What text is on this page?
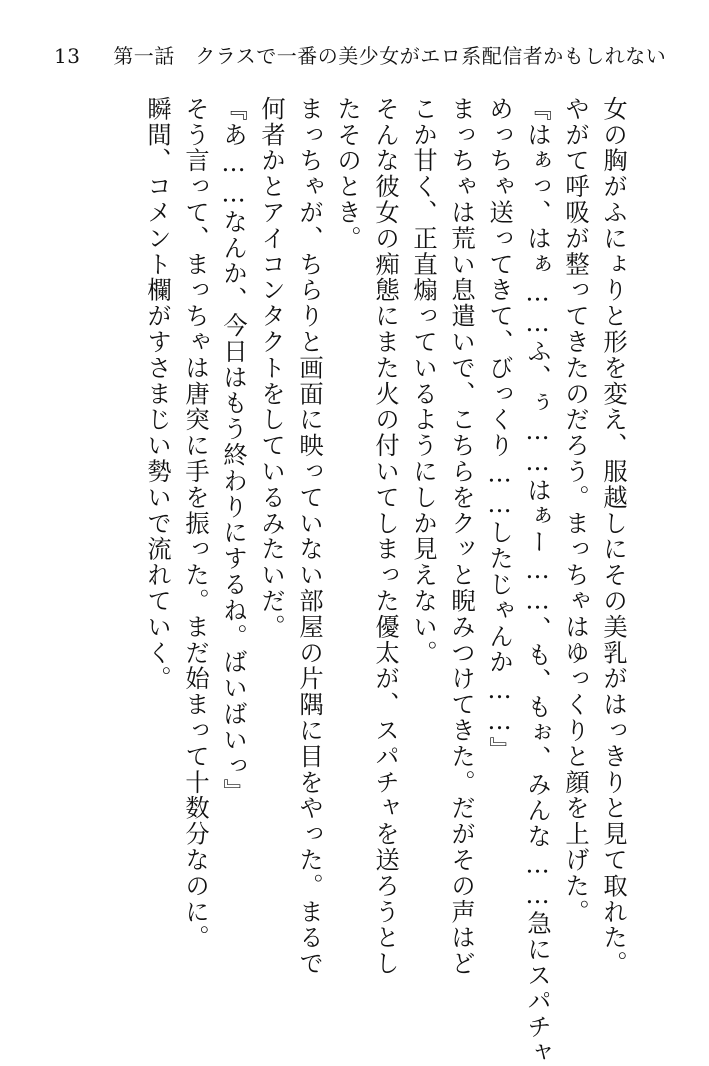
13 第一話　クラスで一番の美少女がエロ系配信者かもしれない

女の胸がふにょりと形を変え、服越しにその美乳がはっきりと見て取れた。

やがて呼吸が整ってきたのだろう。まっちゃはゆっくりと顔を上げた。

『はぁっ、はぁ……ふ、ぅ……はぁー……、も、もぉ、みんな……急にスパチャ

めっちゃ送ってきて、びっくり……したじゃんか……』

まっちゃは荒い息遣いで、こちらをクッと睨みつけてきた。だがその声はど

こか甘く、正直煽っているようにしか見えない。

そんな彼女の痴態にまた火の付いてしまった優太が、スパチャを送ろうとし

たそのとき。

まっちゃが、ちらりと画面に映っていない部屋の片隅に目をやった。まるで

何者かとアイコンタクトをしているみたいだ。

『あ……なんか、今日はもう終わりにするね。ばいばいっ』

そう言って、まっちゃは唐突に手を振った。まだ始まって十数分なのに。

瞬間、コメント欄がすさまじい勢いで流れていく。
